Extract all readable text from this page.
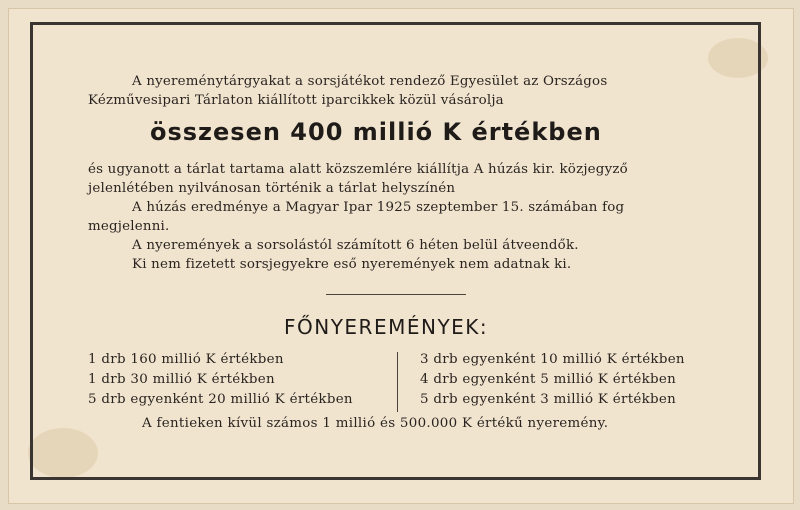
A nyereménytárgyakat a sorsjátékot rendező Egyesület az Országos Kézművesipari Tárlaton kiállított iparcikkek közül vásárolja
összesen 400 millió K értékben
és ugyanott a tárlat tartama alatt közszemlére kiállítja A húzás kir. közjegyző jelenlétében nyilvánosan történik a tárlat helyszínén
A húzás eredménye a Magyar Ipar 1925 szeptember 15. számában fog megjelenni.
A nyeremények a sorsolástól számított 6 héten belül átveendők.
Ki nem fizetett sorsjegyekre eső nyeremények nem adatnak ki.
FŐNYEREMÉNYEK:
1 drb 160 millió K értékben
1 drb 30 millió K értékben
5 drb egyenként 20 millió K értékben
3 drb egyenként 10 millió K értékben
4 drb egyenként 5 millió K értékben
5 drb egyenként 3 millió K értékben
A fentieken kívül számos 1 millió és 500.000 K értékű nyeremény.
